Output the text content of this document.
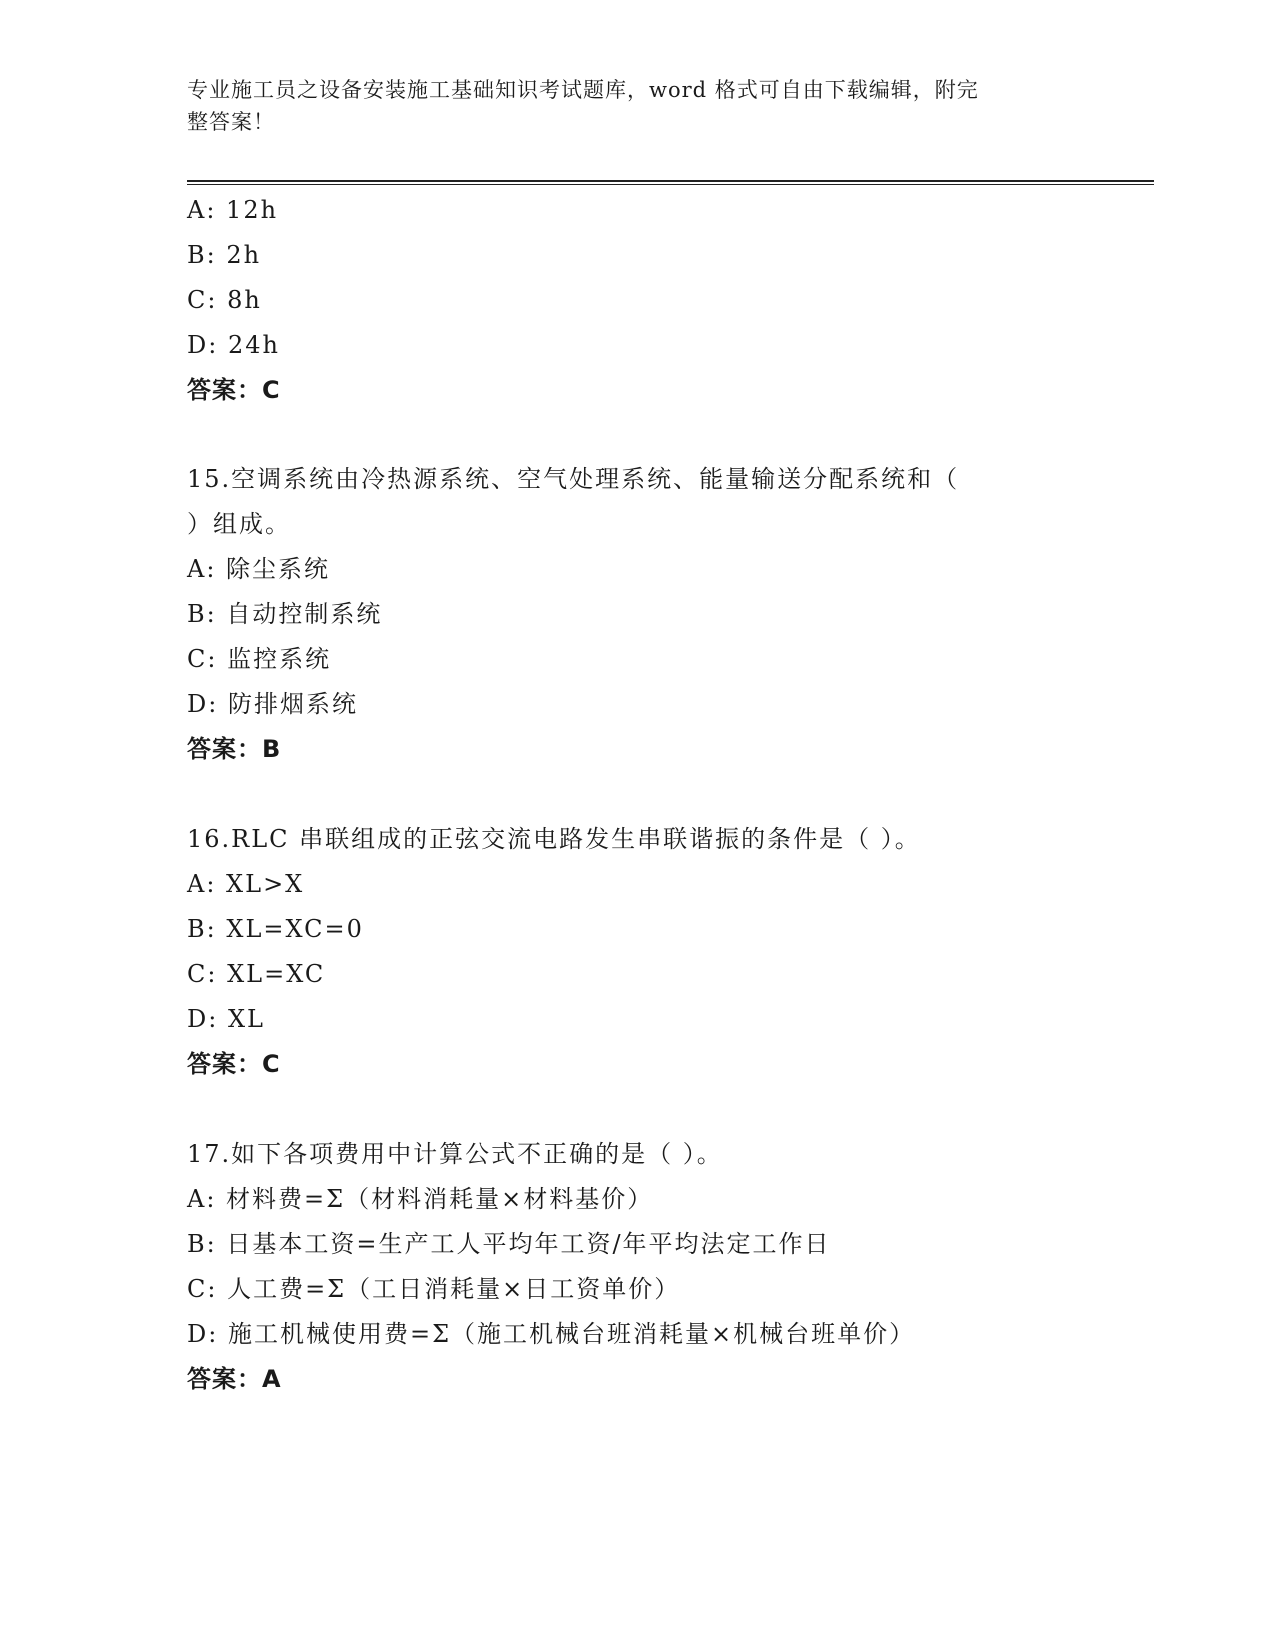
专业施工员之设备安装施工基础知识考试题库，word 格式可自由下载编辑，附完
整答案！
A: 12h
B: 2h
C: 8h
D: 24h
答案：C
15.空调系统由冷热源系统、空气处理系统、能量输送分配系统和（
）组成。
A: 除尘系统
B: 自动控制系统
C: 监控系统
D: 防排烟系统
答案：B
16.RLC 串联组成的正弦交流电路发生串联谐振的条件是（ ）。
A: XL>X
B: XL=XC=0
C: XL=XC
D: XL
答案：C
17.如下各项费用中计算公式不正确的是（ ）。
A: 材料费=Σ（材料消耗量×材料基价）
B: 日基本工资=生产工人平均年工资/年平均法定工作日
C: 人工费=Σ（工日消耗量×日工资单价）
D: 施工机械使用费=Σ（施工机械台班消耗量×机械台班单价）
答案：A
